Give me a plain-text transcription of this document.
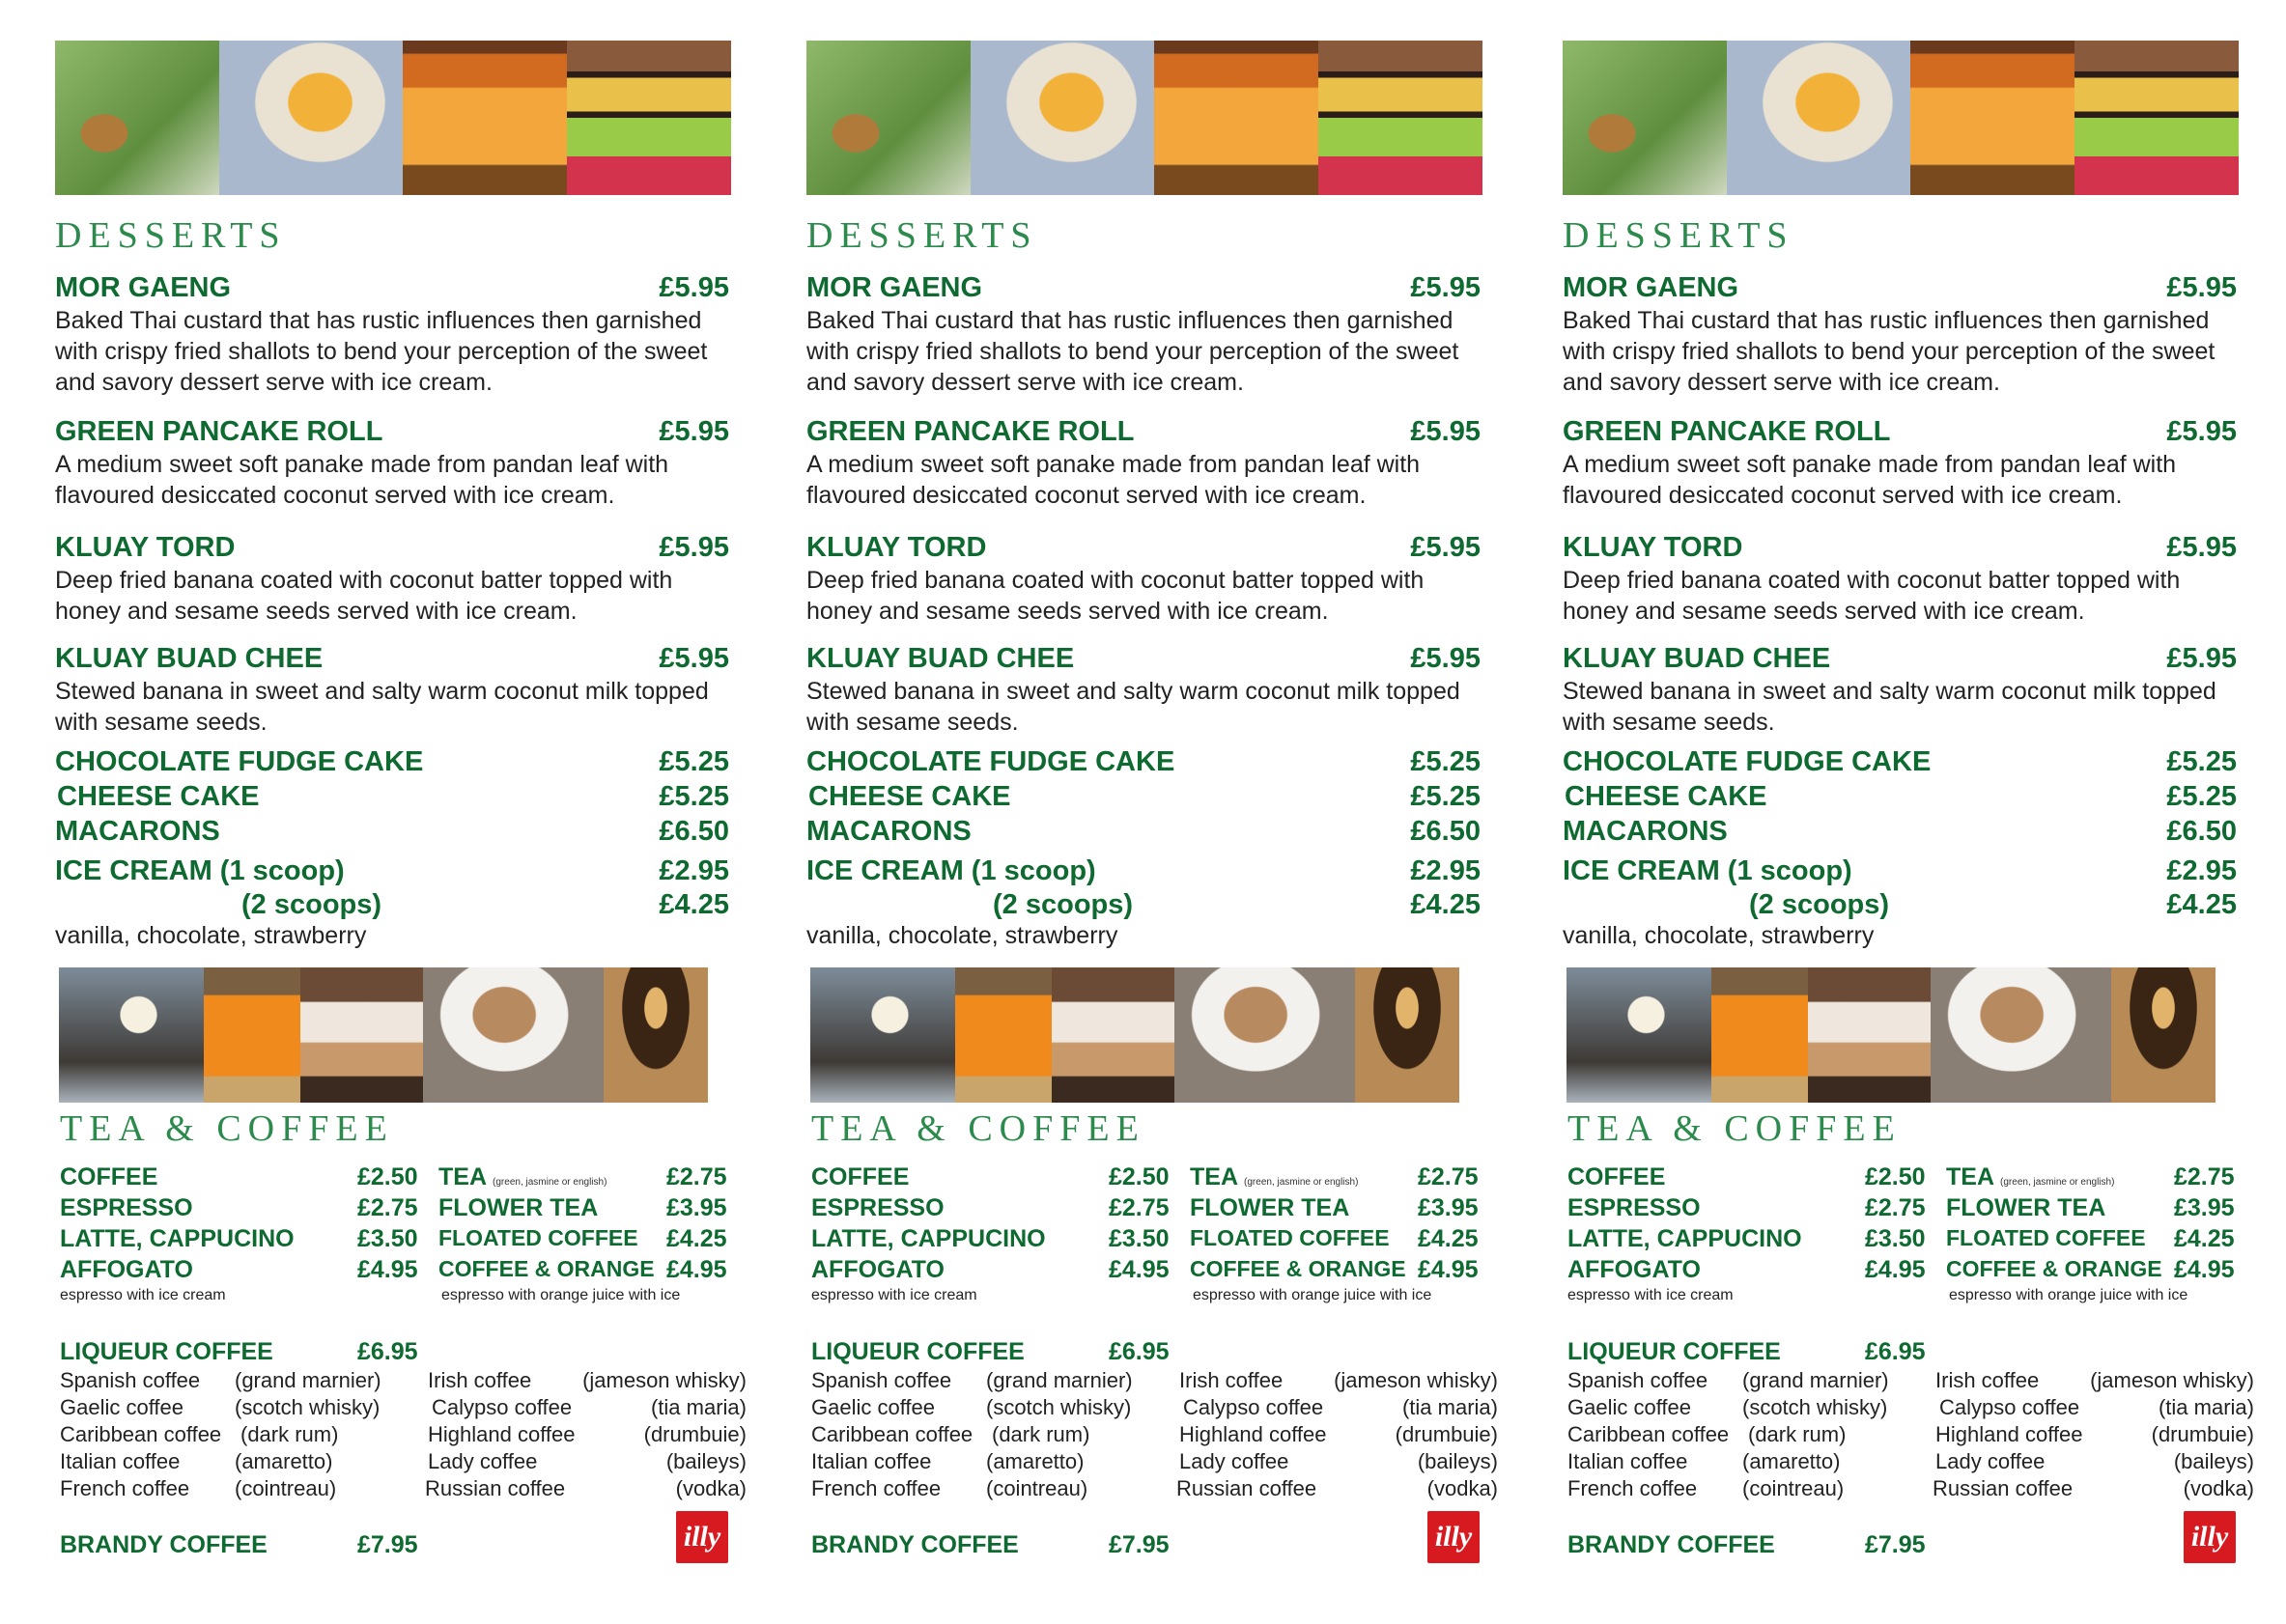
DESSERTS
MOR GAENG	£5.95
Baked Thai custard that has rustic influences then garnished with crispy fried shallots to bend your perception of the sweet and savory dessert serve with ice cream.
GREEN PANCAKE ROLL	£5.95
A medium sweet soft panake made from pandan leaf with flavoured desiccated coconut served with ice cream.
KLUAY TORD	£5.95
Deep fried banana coated with coconut batter topped with honey and sesame seeds served with ice cream.
KLUAY BUAD CHEE	£5.95
Stewed banana in sweet and salty warm coconut milk topped with sesame seeds.
CHOCOLATE FUDGE CAKE	£5.25
CHEESE CAKE	£5.25
MACARONS	£6.50
ICE CREAM (1 scoop)	£2.95
(2 scoops)	£4.25
vanilla, chocolate, strawberry
TEA & COFFEE
COFFEE	£2.50
ESPRESSO	£2.75
LATTE, CAPPUCINO	£3.50
AFFOGATO	£4.95
espresso with ice cream
TEA (green, jasmine or english) £2.75
FLOWER TEA	£3.95
FLOATED COFFEE £4.25
COFFEE & ORANGE £4.95
espresso with orange juice with ice
LIQUEUR COFFEE	£6.95
Spanish coffee (grand marnier)
Gaelic coffee (scotch whisky)
Caribbean coffee (dark rum)
Italian coffee	(amaretto)
French coffee (cointreau)
Irish coffee (jameson whisky)
Calypso coffee	(tia maria)
Highland coffee	(drumbuie)
Lady coffee	(baileys)
Russian coffee	(vodka)
BRANDY COFFEE	£7.95	illy
DESSERTS
MOR GAENG	£5.95
Baked Thai custard that has rustic influences then garnished with crispy fried shallots to bend your perception of the sweet and savory dessert serve with ice cream.
GREEN PANCAKE ROLL	£5.95
A medium sweet soft panake made from pandan leaf with flavoured desiccated coconut served with ice cream.
KLUAY TORD	£5.95
Deep fried banana coated with coconut batter topped with honey and sesame seeds served with ice cream.
KLUAY BUAD CHEE	£5.95
Stewed banana in sweet and salty warm coconut milk topped with sesame seeds.
CHOCOLATE FUDGE CAKE	£5.25
CHEESE CAKE	£5.25
MACARONS	£6.50
ICE CREAM (1 scoop)	£2.95
(2 scoops)	£4.25
vanilla, chocolate, strawberry
TEA & COFFEE
COFFEE	£2.50
ESPRESSO	£2.75
LATTE, CAPPUCINO	£3.50
AFFOGATO	£4.95
espresso with ice cream
TEA (green, jasmine or english) £2.75
FLOWER TEA	£3.95
FLOATED COFFEE £4.25
COFFEE & ORANGE £4.95
espresso with orange juice with ice
LIQUEUR COFFEE	£6.95
Spanish coffee (grand marnier)
Gaelic coffee (scotch whisky)
Caribbean coffee (dark rum)
Italian coffee	(amaretto)
French coffee (cointreau)
Irish coffee (jameson whisky)
Calypso coffee	(tia maria)
Highland coffee	(drumbuie)
Lady coffee	(baileys)
Russian coffee	(vodka)
BRANDY COFFEE	£7.95	illy
DESSERTS
MOR GAENG	£5.95
Baked Thai custard that has rustic influences then garnished with crispy fried shallots to bend your perception of the sweet and savory dessert serve with ice cream.
GREEN PANCAKE ROLL	£5.95
A medium sweet soft panake made from pandan leaf with flavoured desiccated coconut served with ice cream.
KLUAY TORD	£5.95
Deep fried banana coated with coconut batter topped with honey and sesame seeds served with ice cream.
KLUAY BUAD CHEE	£5.95
Stewed banana in sweet and salty warm coconut milk topped with sesame seeds.
CHOCOLATE FUDGE CAKE	£5.25
CHEESE CAKE	£5.25
MACARONS	£6.50
ICE CREAM (1 scoop)	£2.95
(2 scoops)	£4.25
vanilla, chocolate, strawberry
TEA & COFFEE
COFFEE	£2.50
ESPRESSO	£2.75
LATTE, CAPPUCINO	£3.50
AFFOGATO	£4.95
espresso with ice cream
TEA (green, jasmine or english) £2.75
FLOWER TEA	£3.95
FLOATED COFFEE £4.25
COFFEE & ORANGE £4.95
espresso with orange juice with ice
LIQUEUR COFFEE	£6.95
Spanish coffee (grand marnier)
Gaelic coffee (scotch whisky)
Caribbean coffee (dark rum)
Italian coffee	(amaretto)
French coffee (cointreau)
Irish coffee (jameson whisky)
Calypso coffee	(tia maria)
Highland coffee	(drumbuie)
Lady coffee	(baileys)
Russian coffee	(vodka)
BRANDY COFFEE	£7.95	illy
